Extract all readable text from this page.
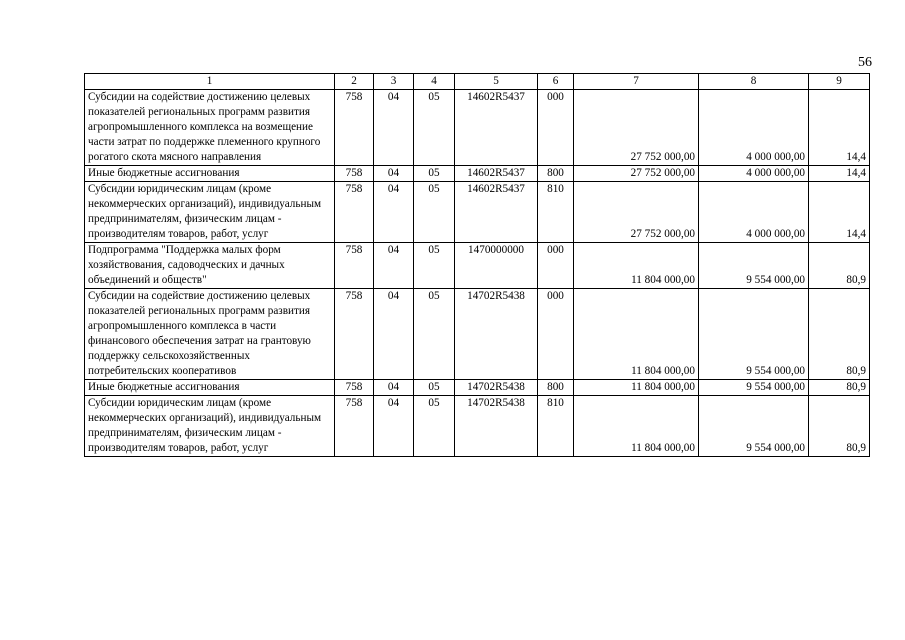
56
1	2	3	4	5	6	7	8	9
Субсидии на содействие достижению целевых показателей региональных программ развития агропромышленного комплекса на возмещение части затрат по поддержке племенного крупного рогатого скота мясного направления	758	04	05	14602R5437	000	27 752 000,00	4 000 000,00	14,4
Иные бюджетные ассигнования	758	04	05	14602R5437	800	27 752 000,00	4 000 000,00	14,4
Субсидии юридическим лицам (кроме некоммерческих организаций), индивидуальным предпринимателям, физическим лицам - производителям товаров, работ, услуг	758	04	05	14602R5437	810	27 752 000,00	4 000 000,00	14,4
Подпрограмма "Поддержка малых форм хозяйствования, садоводческих и дачных объединений и обществ"	758	04	05	1470000000	000	11 804 000,00	9 554 000,00	80,9
Субсидии на содействие достижению целевых показателей региональных программ развития агропромышленного комплекса в части финансового обеспечения затрат на грантовую поддержку сельскохозяйственных потребительских кооперативов	758	04	05	14702R5438	000	11 804 000,00	9 554 000,00	80,9
Иные бюджетные ассигнования	758	04	05	14702R5438	800	11 804 000,00	9 554 000,00	80,9
Субсидии юридическим лицам (кроме некоммерческих организаций), индивидуальным предпринимателям, физическим лицам - производителям товаров, работ, услуг	758	04	05	14702R5438	810	11 804 000,00	9 554 000,00	80,9
